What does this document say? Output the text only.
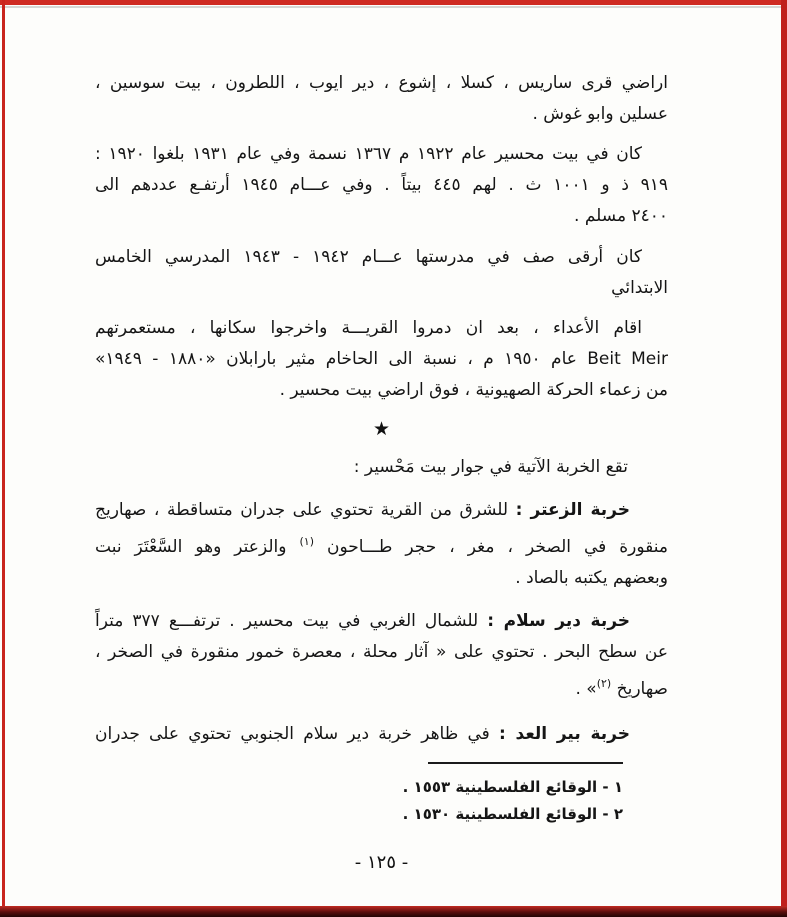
اراضي قرى ساريس ، كسلا ، إشوع ، دير ايوب ، اللطرون ، بيت سوسين ،
عسلين وابو غوش .
كان في بيت محسير عام ١٩٢٢ م ١٣٦٧ نسمة وفي عام ١٩٣١ بلغوا ١٩٢٠ :
٩١٩ ذ و ١٠٠١ ث . لهم ٤٤٥ بيتاً . وفي عـــام ١٩٤٥ أرتفـع عددهم الى
٢٤٠٠ مسلم .
كان أرقى صف في مدرستها عـــام ١٩٤٢ - ١٩٤٣ المدرسي الخامس
الابتدائي
اقام الأعداء ، بعد ان دمروا القريـــة واخرجوا سكانها ، مستعمرتهم
Beit Meir عام ١٩٥٠ م ، نسبة الى الحاخام مثير بارابلان «١٨٨٠ - ١٩٤٩»
من زعماء الحركة الصهيونية ، فوق اراضي بيت محسير .
★
تقع الخربة الآتية في جوار بيت مَحْسير :
خربة الزعتر : للشرق من القرية تحتوي على جدران متساقطة ، صهاريج
منقورة في الصخر ، مغر ، حجر طـــاحون $^{(١)}$ والزعتر وهو السَّعْتَرَ نبت
وبعضهم يكتبه بالصاد .
خربة دير سلام : للشمال الغربي في بيت محسير . ترتفـــع ٣٧٧ متراً
عن سطح البحر . تحتوي على « آثار محلة ، معصرة خمور منقورة في الصخر ،
صهاريخ $^{(٢)}$» .
خربة بير العد : في ظاهر خربة دير سلام الجنوبي تحتوي على جدران
١ - الوقائع الفلسطينية ١٥٥٣ .
٢ - الوقائع الفلسطينية ١٥٣٠ .
- ١٢٥ -
